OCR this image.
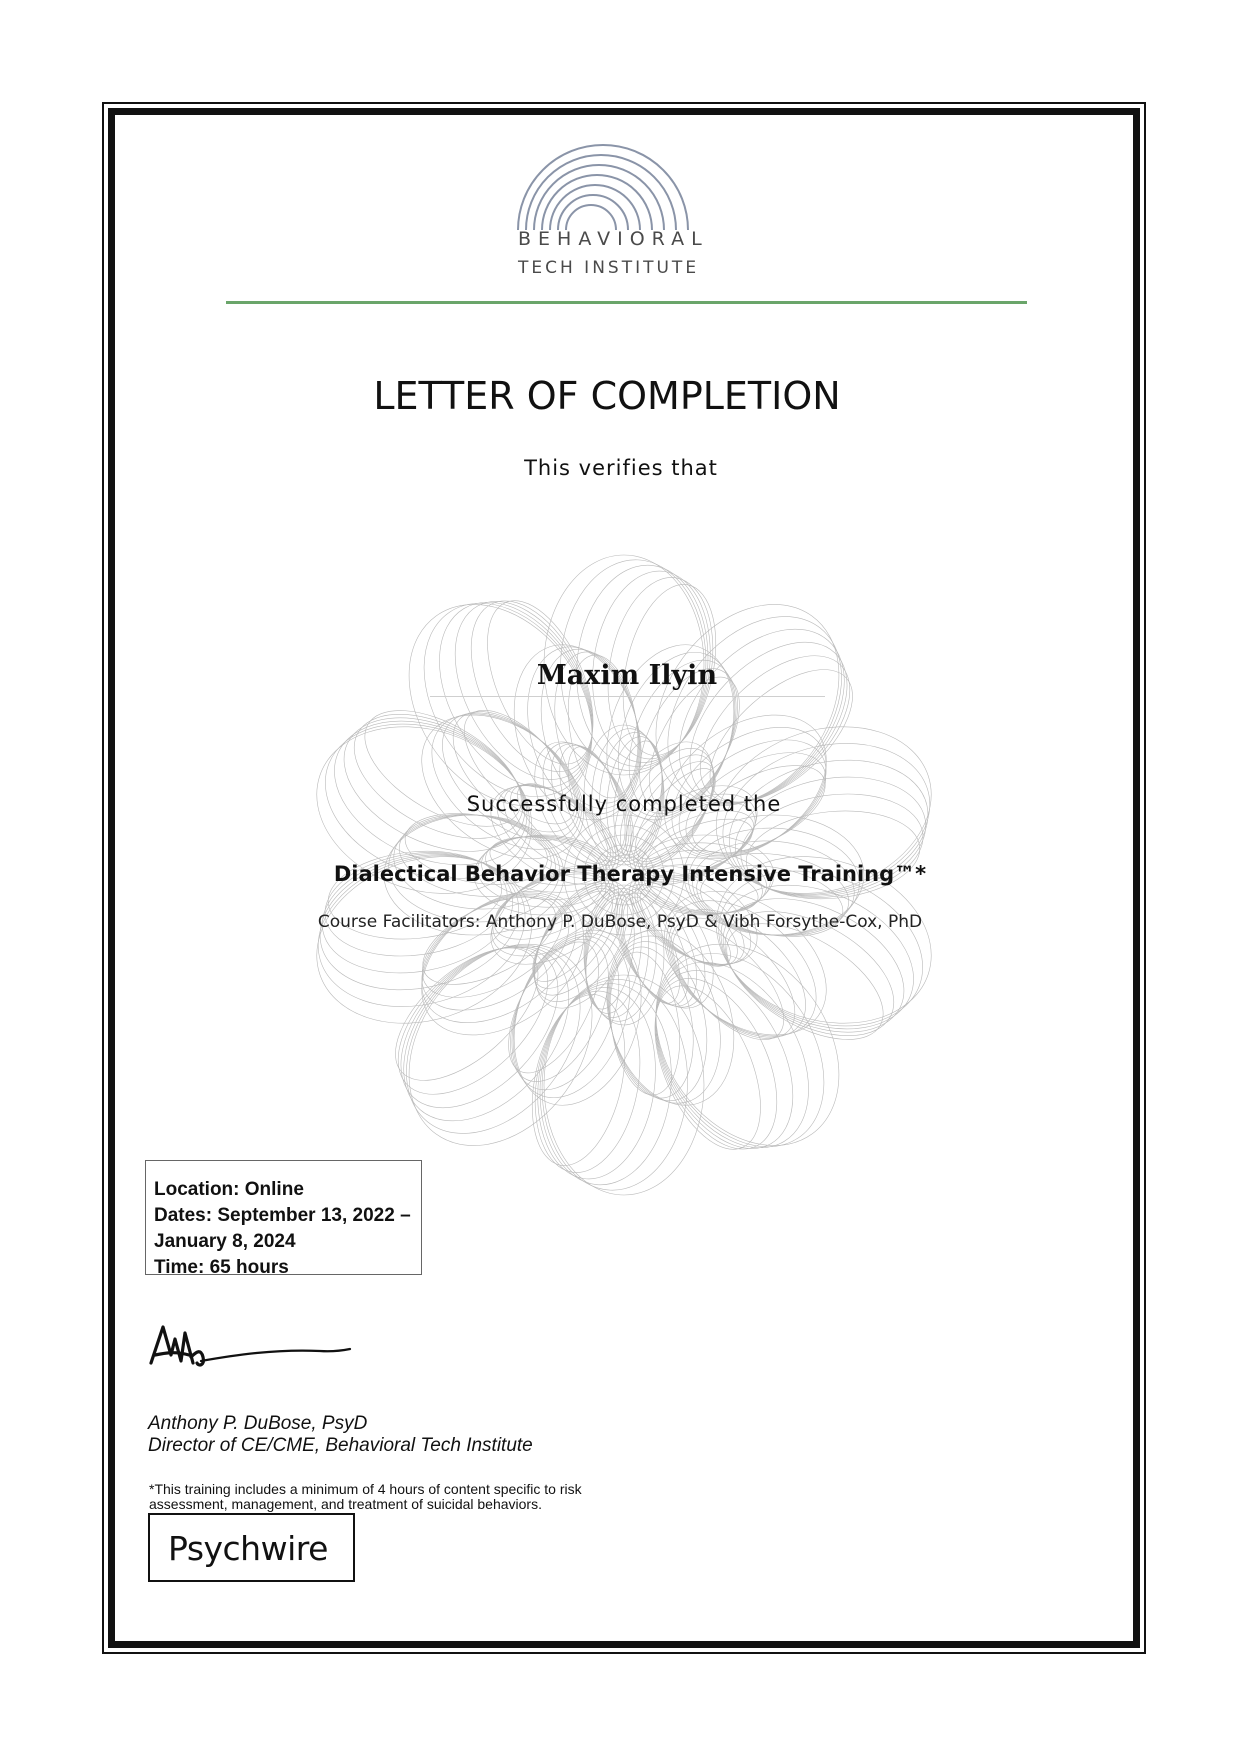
BEHAVIORAL
TECH INSTITUTE
LETTER OF COMPLETION
This verifies that
Maxim Ilyin
Successfully completed the
Dialectical Behavior Therapy Intensive Training™*
Course Facilitators: Anthony P. DuBose, PsyD & Vibh Forsythe-Cox, PhD
Location: Online
Dates: September 13, 2022 –
January 8, 2024
Time: 65 hours
Anthony P. DuBose, PsyD
Director of CE/CME, Behavioral Tech Institute
*This training includes a minimum of 4 hours of content specific to risk assessment, management, and treatment of suicidal behaviors.
Psychwire
